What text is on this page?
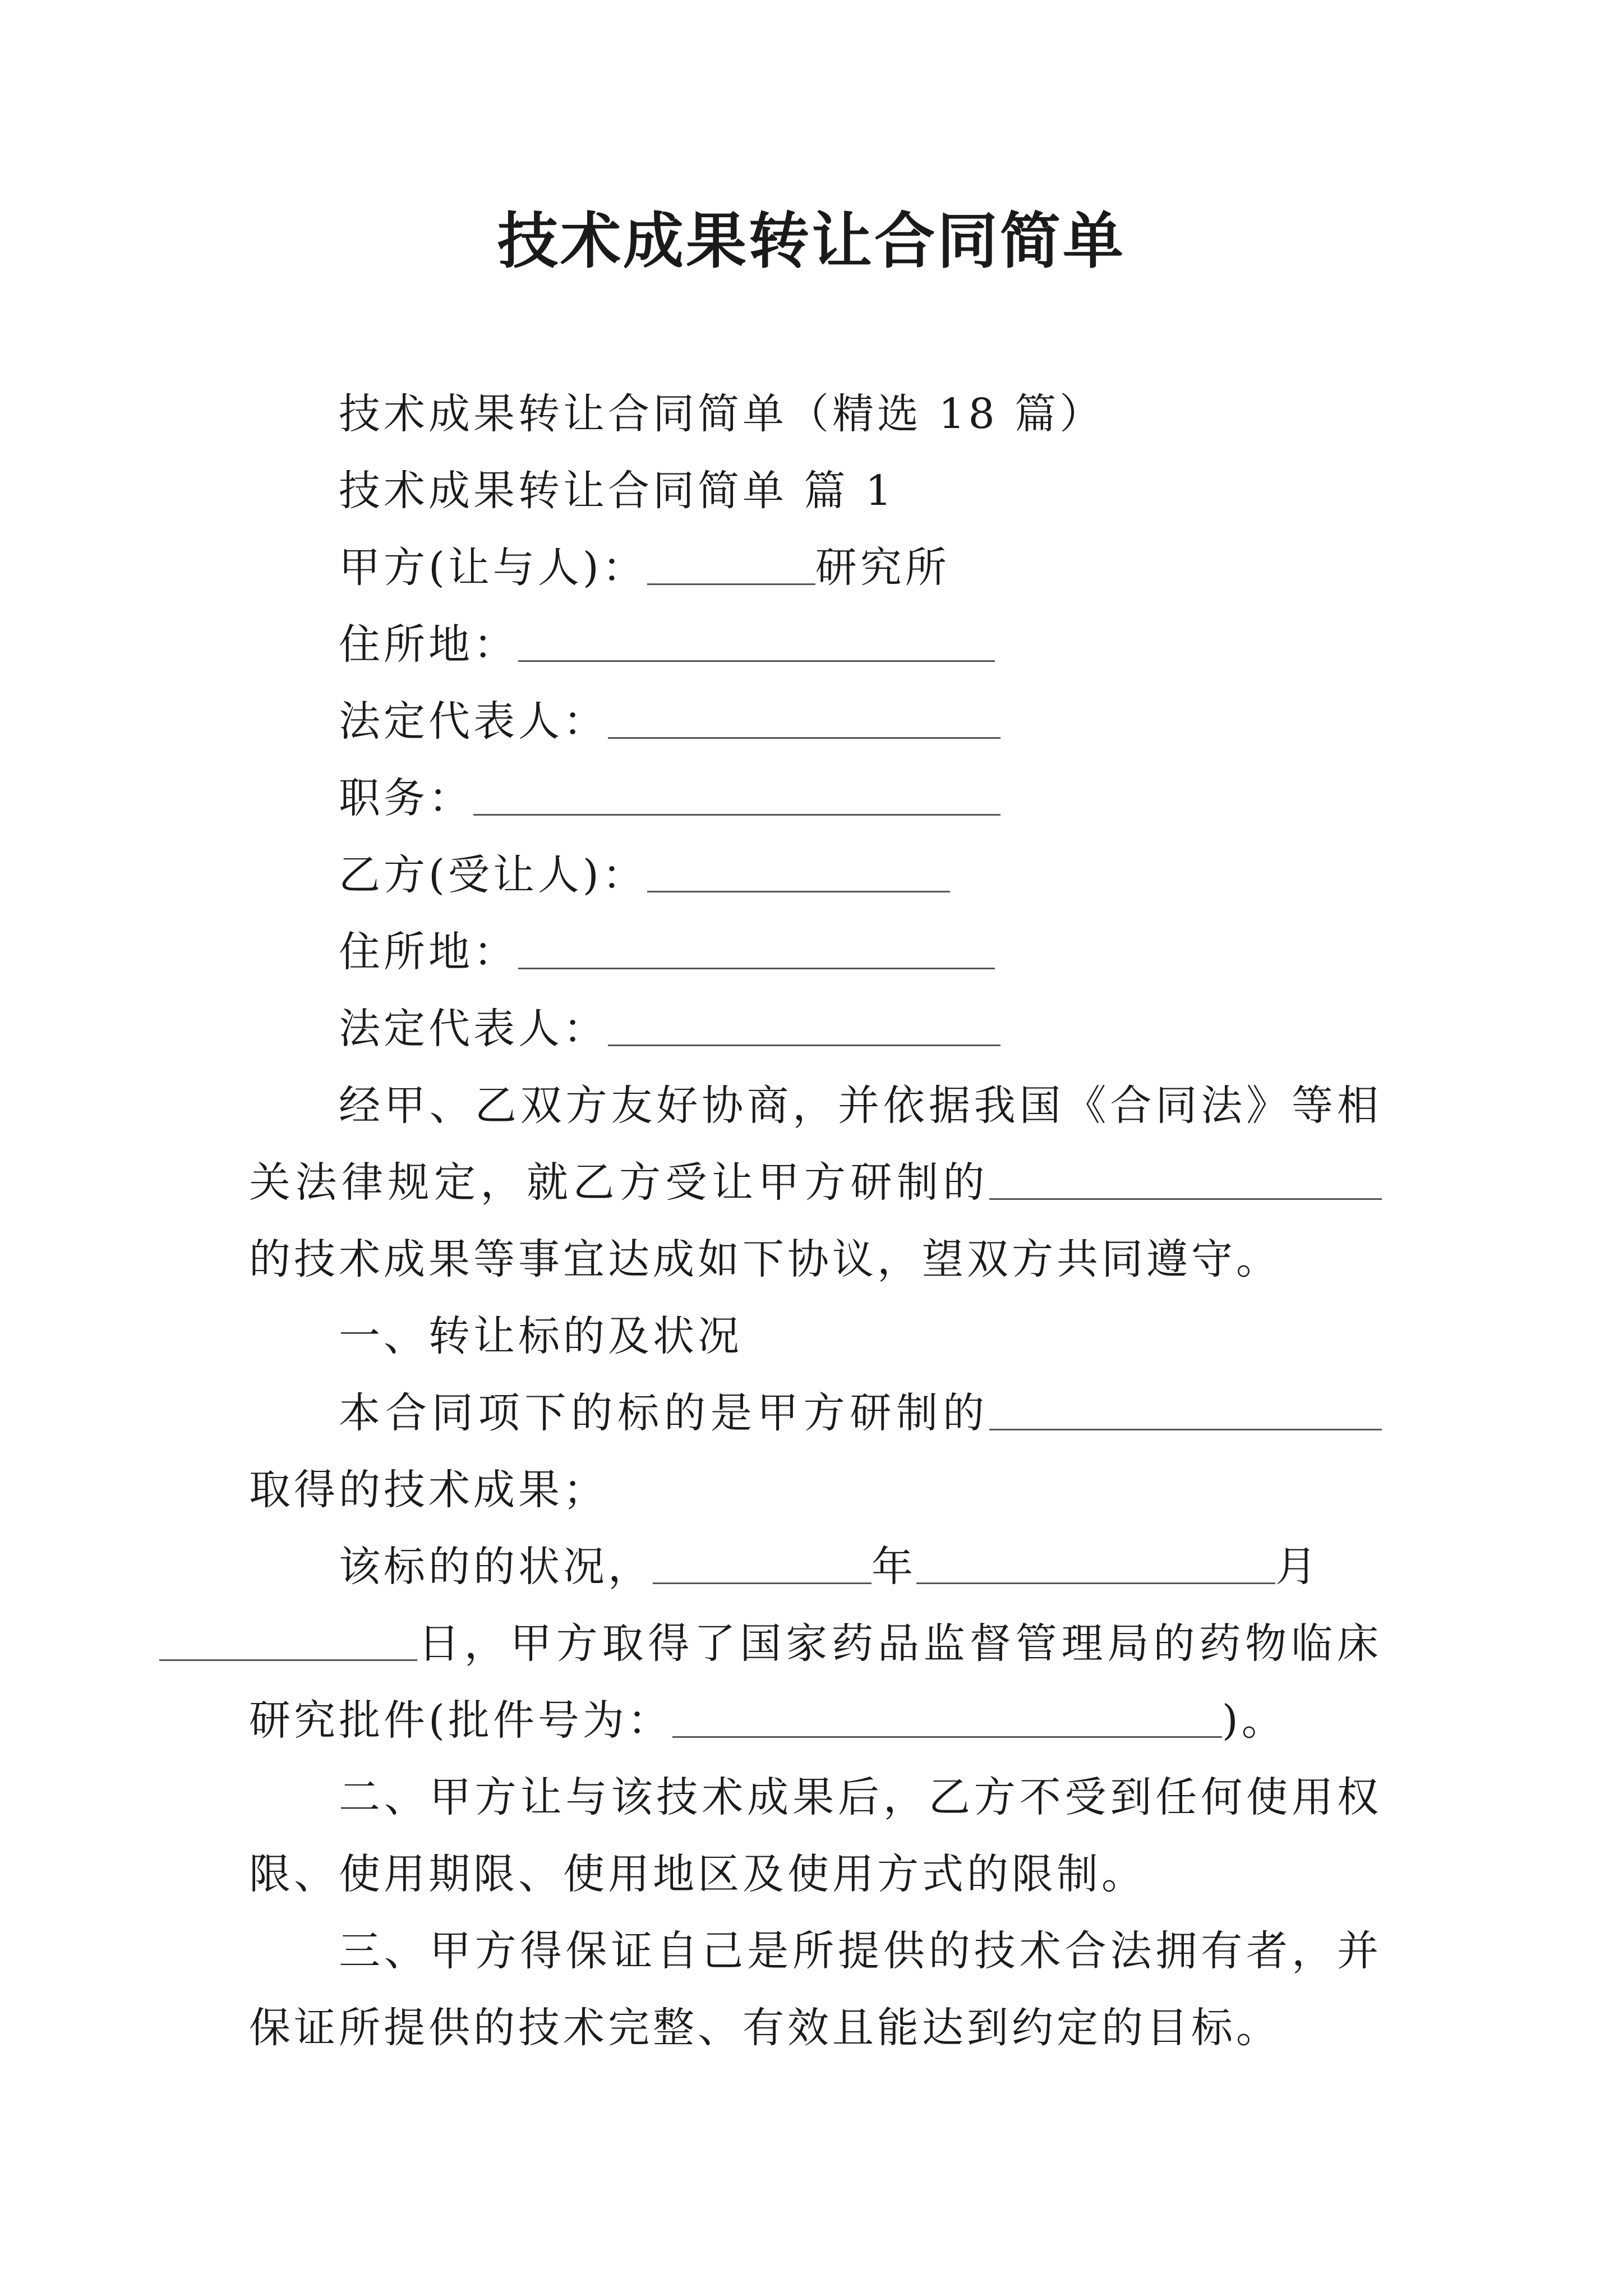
技术成果转让合同简单

技术成果转让合同简单（精选 18 篇）

技术成果转让合同简单 篇 1

甲方(让与人)：	研究所

住所地：

法定代表人：

职务：

乙方(受让人)：

住所地：

法定代表人：

经甲、乙双方友好协商，并依据我国《合同法》等相关法律规定，就乙方受让甲方研制的的技术成果等事宜达成如下协议，望双方共同遵守。

一、转让标的及状况

本合同项下的标的是甲方研制的取得的技术成果；

该标的的状况，	年	月
日，甲方取得了国家药品监督管理局的药物临床研究批件(批件号为：	)。

二、甲方让与该技术成果后，乙方不受到任何使用权限、使用期限、使用地区及使用方式的限制。

三、甲方得保证自己是所提供的技术合法拥有者，并保证所提供的技术完整、有效且能达到约定的目标。
